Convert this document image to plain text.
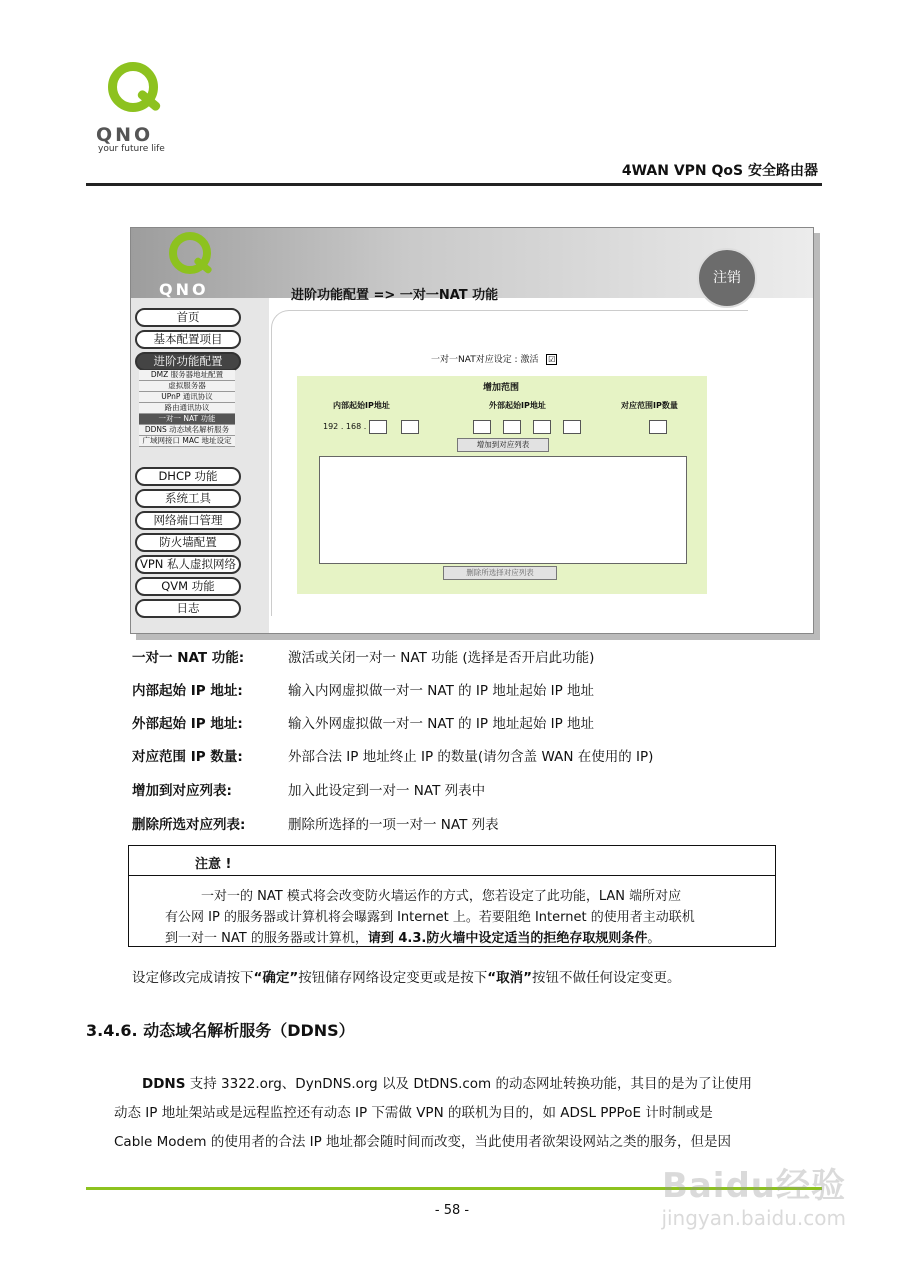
QNO
your future life
4WAN VPN QoS 安全路由器
QNO
注销
进阶功能配置 => 一对一NAT 功能
首页
基本配置项目
进阶功能配置
DMZ 服务器地址配置
虚拟服务器
UPnP 通讯协议
路由通讯协议
一对一 NAT 功能
DDNS 动态域名解析服务
广域网接口 MAC 地址设定
DHCP 功能
系统工具
网络端口管理
防火墙配置
VPN 私人虚拟网络
QVM 功能
日志
一对一NAT对应设定 : 激活 ☑
增加范围
内部起始IP地址	外部起始IP地址	对应范围IP数量
192 . 168 .
增加到对应列表
删除所选择对应列表
一对一 NAT 功能:	激活或关闭一对一 NAT 功能 (选择是否开启此功能)
内部起始 IP 地址:	输入内网虚拟做一对一 NAT 的 IP 地址起始 IP 地址
外部起始 IP 地址:	输入外网虚拟做一对一 NAT 的 IP 地址起始 IP 地址
对应范围 IP 数量:	外部合法 IP 地址终止 IP 的数量(请勿含盖 WAN 在使用的 IP)
增加到对应列表:	加入此设定到一对一 NAT 列表中
删除所选对应列表:	删除所选择的一项一对一 NAT 列表
注意 !
一对一的 NAT 模式将会改变防火墙运作的方式，您若设定了此功能，LAN 端所对应
有公网 IP 的服务器或计算机将会曝露到 Internet 上。若要阻绝 Internet 的使用者主动联机
到一对一 NAT 的服务器或计算机，请到 4.3.防火墙中设定适当的拒绝存取规则条件。
设定修改完成请按下“确定”按钮储存网络设定变更或是按下“取消”按钮不做任何设定变更。
3.4.6. 动态域名解析服务（DDNS）
DDNS 支持 3322.org、DynDNS.org 以及 DtDNS.com 的动态网址转换功能，其目的是为了让使用
动态 IP 地址架站或是远程监控还有动态 IP 下需做 VPN 的联机为目的，如 ADSL PPPoE 计时制或是
Cable Modem 的使用者的合法 IP 地址都会随时间而改变，当此使用者欲架设网站之类的服务，但是因
- 58 -
Baidu经验
jingyan.baidu.com
